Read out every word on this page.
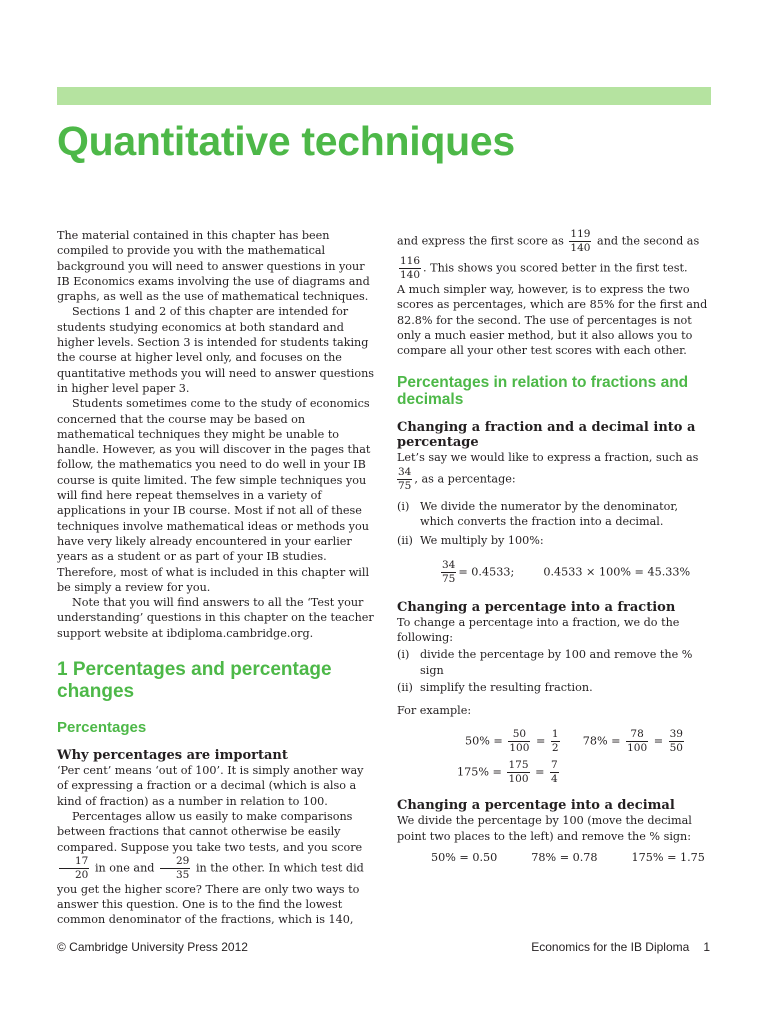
Quantitative techniques

The material contained in this chapter has been compiled to provide you with the mathematical background you will need to answer questions in your IB Economics exams involving the use of diagrams and graphs, as well as the use of mathematical techniques.

Sections 1 and 2 of this chapter are intended for students studying economics at both standard and higher levels. Section 3 is intended for students taking the course at higher level only, and focuses on the quantitative methods you will need to answer questions in higher level paper 3.

Students sometimes come to the study of economics concerned that the course may be based on mathematical techniques they might be unable to handle. However, as you will discover in the pages that follow, the mathematics you need to do well in your IB course is quite limited. The few simple techniques you will find here repeat themselves in a variety of applications in your IB course. Most if not all of these techniques involve mathematical ideas or methods you have very likely already encountered in your earlier years as a student or as part of your IB studies. Therefore, most of what is included in this chapter will be simply a review for you.

Note that you will find answers to all the ‘Test your understanding’ questions in this chapter on the teacher support website at ibdiploma.cambridge.org.

1 Percentages and percentage changes
Percentages
Why percentages are important

‘Per cent’ means ‘out of 100’. It is simply another way of expressing a fraction or a decimal (which is also a kind of fraction) as a number in relation to 100.

Percentages allow us easily to make comparisons between fractions that cannot otherwise be easily compared. Suppose you take two tests, and you score

$\frac{17}{20}$ in one and $\frac{29}{35}$ in the other. In which test did you get the higher score? There are only two ways to answer this question. One is to the find the lowest common denominator of the fractions, which is 140,

and express the first score as $\frac{119}{140}$ and the second as
$\frac{116}{140}$ . This shows you scored better in the first test.

A much simpler way, however, is to express the two scores as percentages, which are 85% for the first and 82.8% for the second. The use of percentages is not only a much easier method, but it also allows you to compare all your other test scores with each other.

Percentages in relation to fractions and decimals
Changing a fraction and a decimal into a percentage

Let’s say we would like to express a fraction, such as

$\frac{34}{75}$ , as a percentage:

(i) We divide the numerator by the denominator, which converts the fraction into a decimal.
(ii) We multiply by 100%:

$\frac{34}{75} = 0.4533$;	0.4533 × 100% = 45.33%

Changing a percentage into a fraction

To change a percentage into a fraction, we do the following:

(i) divide the percentage by 100 and remove the % sign
(ii) simplify the resulting fraction.

For example:

$50\% = \frac{50}{100} = \frac{1}{2} 78\% = \frac{78}{100} = \frac{39}{50}$
$175\% = \frac{175}{100} = \frac{7}{4}$
Changing a percentage into a decimal

We divide the percentage by 100 (move the decimal point two places to the left) and remove the % sign:

50% = 0.50	78% = 0.78	175% = 1.75
© Cambridge University Press 2012	Economics for the IB Diploma 1
